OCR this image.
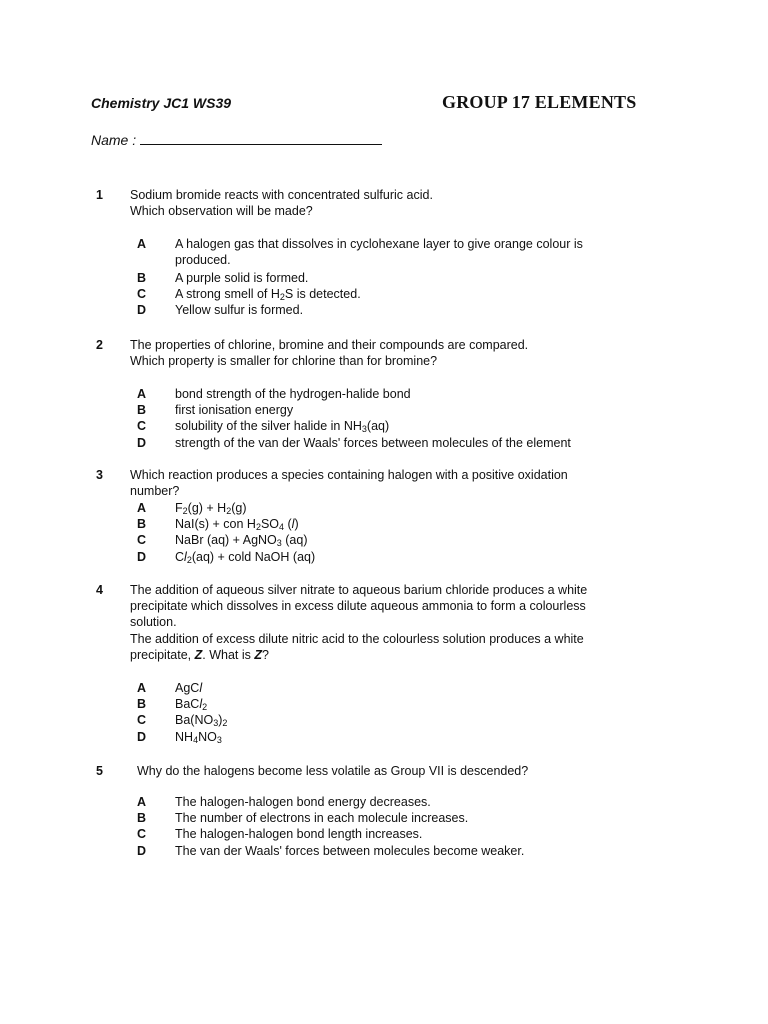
Chemistry JC1 WS39	GROUP 17 ELEMENTS
Name :
1 Sodium bromide reacts with concentrated sulfuric acid.
Which observation will be made?
A A halogen gas that dissolves in cyclohexane layer to give orange colour is produced.
B A purple solid is formed.
C A strong smell of $H_2S$ is detected.
D Yellow sulfur is formed.
2 The properties of chlorine, bromine and their compounds are compared.
Which property is smaller for chlorine than for bromine?
A bond strength of the hydrogen-halide bond
B first ionisation energy
C solubility of the silver halide in $NH_3(aq)$
D strength of the van der Waals' forces between molecules of the element
3 Which reaction produces a species containing halogen with a positive oxidation
number?
A $F_2(g) + H_2(g)$
B NaI(s) + con $H_2SO_4$ (l)
C NaBr (aq) + AgNO$_3$ (aq)
D $Cl_2(aq)$ + cold NaOH (aq)
4 The addition of aqueous silver nitrate to aqueous barium chloride produces a white
precipitate which dissolves in excess dilute aqueous ammonia to form a colourless
solution.
The addition of excess dilute nitric acid to the colourless solution produces a white
precipitate, Z. What is Z?
A AgCl
B BaCl$_2$
C $Ba(NO_3)_2$
D $NH_4NO_3$
5	Why do the halogens become less volatile as Group VII is descended?
A The halogen-halogen bond energy decreases.
B The number of electrons in each molecule increases.
C The halogen-halogen bond length increases.
D The van der Waals' forces between molecules become weaker.
